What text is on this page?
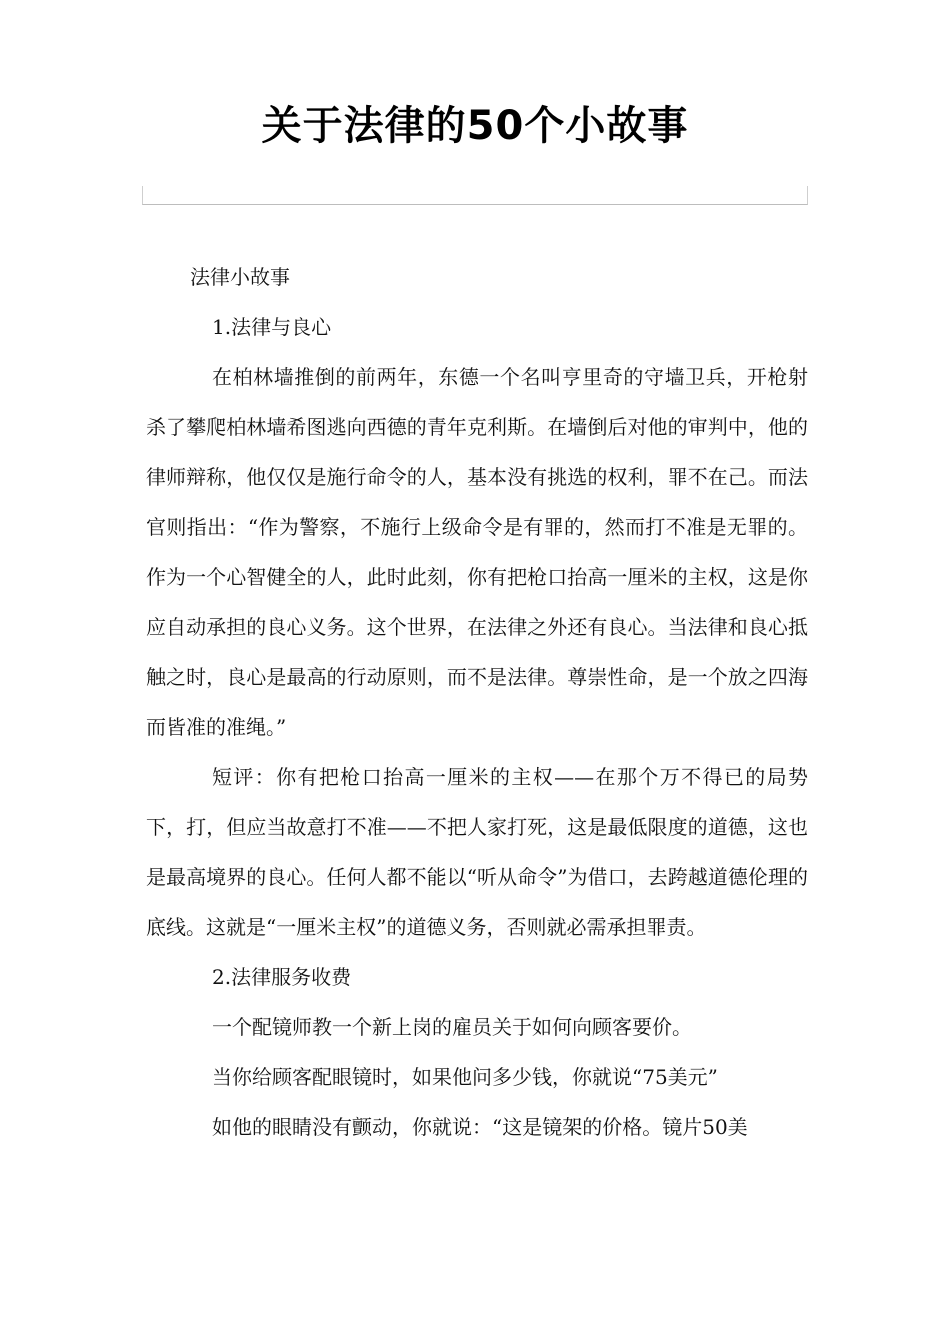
关于法律的50个小故事

法律小故事

1.法律与良心

在柏林墙推倒的前两年，东德一个名叫亨里奇的守墙卫兵，开枪射杀了攀爬柏林墙希图逃向西德的青年克利斯。在墙倒后对他的审判中，他的律师辩称，他仅仅是施行命令的人，基本没有挑选的权利，罪不在己。而法官则指出：“作为警察，不施行上级命令是有罪的，然而打不准是无罪的。作为一个心智健全的人，此时此刻，你有把枪口抬高一厘米的主权，这是你应自动承担的良心义务。这个世界，在法律之外还有良心。当法律和良心抵触之时，良心是最高的行动原则，而不是法律。尊崇性命，是一个放之四海而皆准的准绳。”

短评：你有把枪口抬高一厘米的主权——在那个万不得已的局势下，打，但应当故意打不准——不把人家打死，这是最低限度的道德，这也是最高境界的良心。任何人都不能以“听从命令”为借口，去跨越道德伦理的底线。这就是“一厘米主权”的道德义务，否则就必需承担罪责。

2.法律服务收费

一个配镜师教一个新上岗的雇员关于如何向顾客要价。

当你给顾客配眼镜时，如果他问多少钱，你就说“75美元”

如他的眼睛没有颤动，你就说：“这是镜架的价格。镜片50美
